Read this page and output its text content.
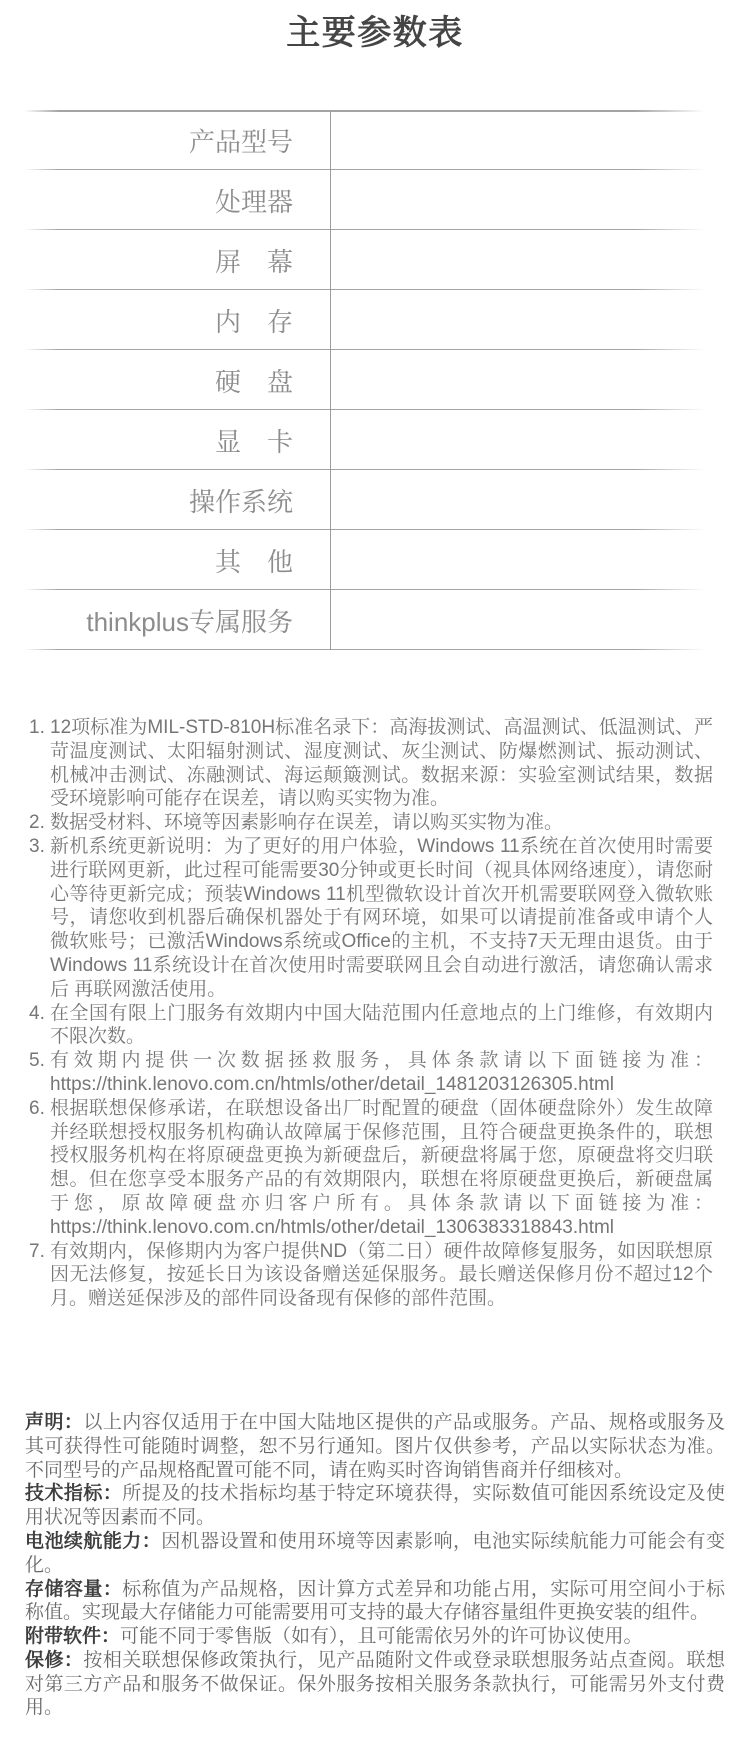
主要参数表
产品型号
处理器
屏　幕
内　存
硬　盘
显　卡
操作系统
其　他
thinkplus专属服务
1. 12项标准为MIL-STD-810H标准名录下：高海拔测试、高温测试、低温测试、严苛温度测试、太阳辐射测试、湿度测试、灰尘测试、防爆燃测试、振动测试、机械冲击测试、冻融测试、海运颠簸测试。数据来源：实验室测试结果，数据受环境影响可能存在误差，请以购买实物为准。
2. 数据受材料、环境等因素影响存在误差，请以购买实物为准。
3. 新机系统更新说明：为了更好的用户体验，Windows 11系统在首次使用时需要进行联网更新，此过程可能需要30分钟或更长时间（视具体网络速度），请您耐心等待更新完成；预装Windows 11机型微软设计首次开机需要联网登入微软账号，请您收到机器后确保机器处于有网环境，如果可以请提前准备或申请个人微软账号；已激活Windows系统或Office的主机，不支持7天无理由退货。由于Windows 11系统设计在首次使用时需要联网且会自动进行激活，请您确认需求后 再联网激活使用。
4. 在全国有限上门服务有效期内中国大陆范围内任意地点的上门维修，有效期内不限次数。
5. 有效期内提供一次数据拯救服务，具体条款请以下面链接为准： https://think.lenovo.com.cn/htmls/other/detail_1481203126305.html
6. 根据联想保修承诺，在联想设备出厂时配置的硬盘（固体硬盘除外）发生故障并经联想授权服务机构确认故障属于保修范围，且符合硬盘更换条件的，联想授权服务机构在将原硬盘更换为新硬盘后，新硬盘将属于您，原硬盘将交归联想。但在您享受本服务产品的有效期限内，联想在将原硬盘更换后，新硬盘属于您，原故障硬盘亦归客户所有。具体条款请以下面链接为准： https://think.lenovo.com.cn/htmls/other/detail_1306383318843.html
7. 有效期内，保修期内为客户提供ND（第二日）硬件故障修复服务，如因联想原因无法修复，按延长日为该设备赠送延保服务。最长赠送保修月份不超过12个月。赠送延保涉及的部件同设备现有保修的部件范围。

声明：以上内容仅适用于在中国大陆地区提供的产品或服务。产品、规格或服务及其可获得性可能随时调整，恕不另行通知。图片仅供参考，产品以实际状态为准。不同型号的产品规格配置可能不同，请在购买时咨询销售商并仔细核对。

技术指标：所提及的技术指标均基于特定环境获得，实际数值可能因系统设定及使用状况等因素而不同。

电池续航能力：因机器设置和使用环境等因素影响，电池实际续航能力可能会有变化。

存储容量：标称值为产品规格，因计算方式差异和功能占用，实际可用空间小于标称值。实现最大存储能力可能需要用可支持的最大存储容量组件更换安装的组件。

附带软件：可能不同于零售版（如有），且可能需依另外的许可协议使用。

保修：按相关联想保修政策执行，见产品随附文件或登录联想服务站点查阅。联想对第三方产品和服务不做保证。保外服务按相关服务条款执行，可能需另外支付费用。
